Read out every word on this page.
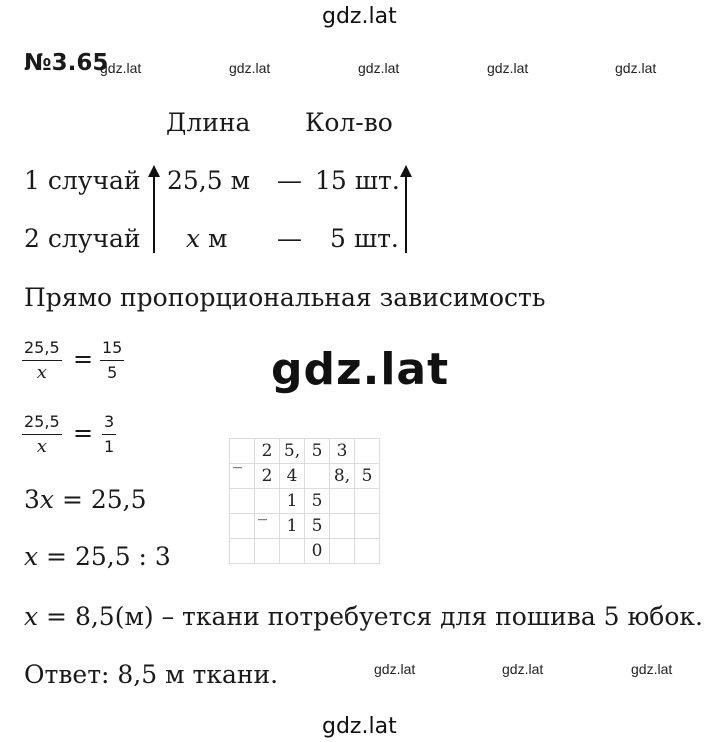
gdz.lat
gdz.lat	gdz.lat	gdz.lat	gdz.lat	gdz.lat
gdz.lat
gdz.lat	gdz.lat	gdz.lat
gdz.lat
№3.65
Длина Кол-во
1 случай 25,5 м — 15 шт.
2 случай x м — 5 шт.
Прямо пропорциональная зависимость
$\frac{25,5}{x} = \frac{15}{5}$
$\frac{25,5}{x} = \frac{3}{1}$
3x = 25,5
x = 25,5 : 3
_
_
	2	5,	5	3	
	2	4		8,	5
		1	5		
		1	5		
			0		
x = 8,5(м) – ткани потребуется для пошива 5 юбок.
Ответ: 8,5 м ткани.
